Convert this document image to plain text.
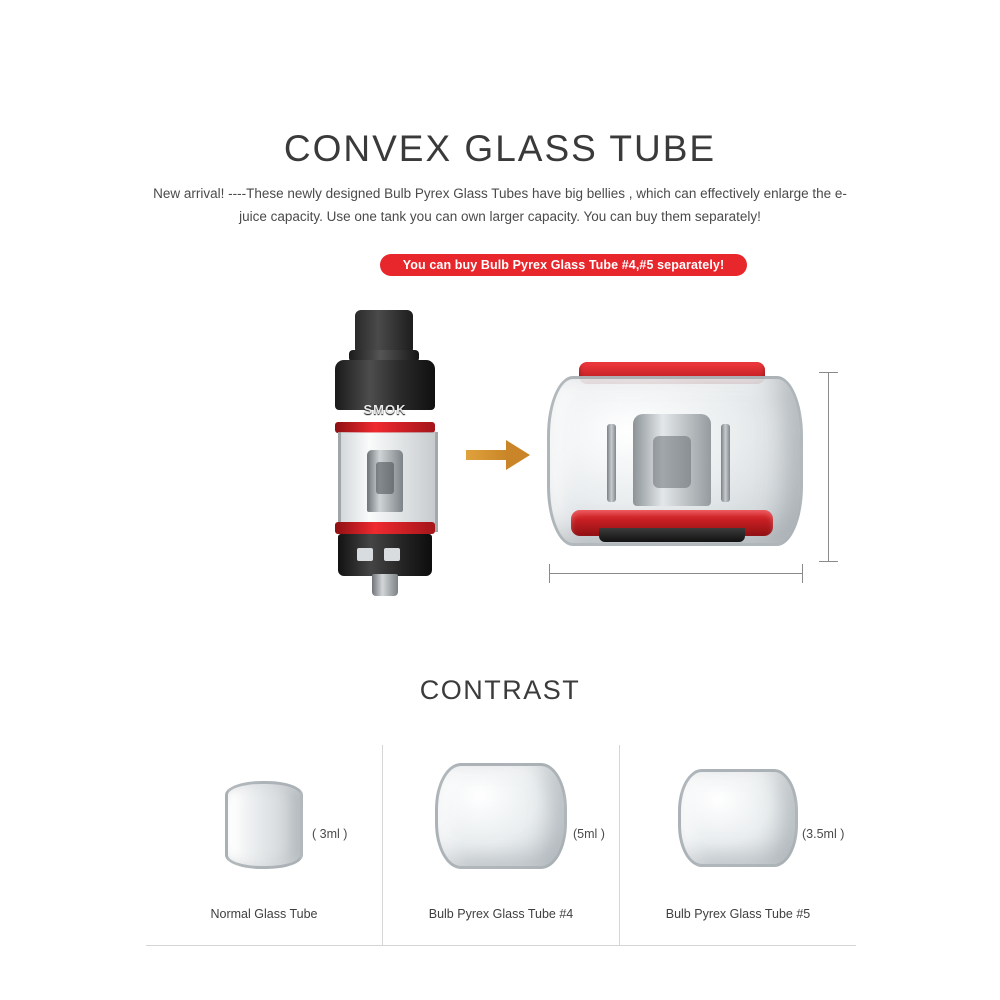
CONVEX GLASS TUBE
New arrival! ----These newly designed Bulb Pyrex Glass Tubes have big bellies , which can effectively enlarge the e-juice capacity. Use one tank you can own larger capacity. You can buy them separately!
You can buy Bulb Pyrex Glass Tube #4,#5 separately!
SMOK
CONTRAST
( 3ml )
Normal Glass Tube
(5ml )
Bulb Pyrex Glass Tube #4
(3.5ml )
Bulb Pyrex Glass Tube #5
